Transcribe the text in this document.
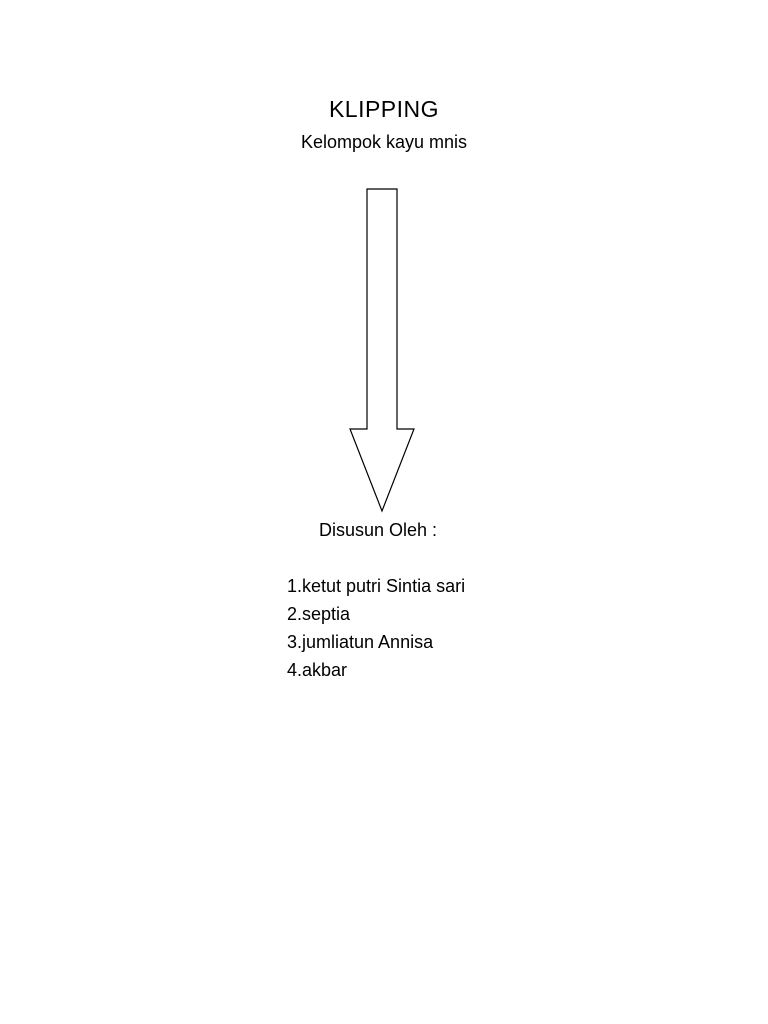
KLIPPING
Kelompok kayu mnis
Disusun Oleh :
1.ketut putri Sintia sari
2.septia
3.jumliatun Annisa
4.akbar
